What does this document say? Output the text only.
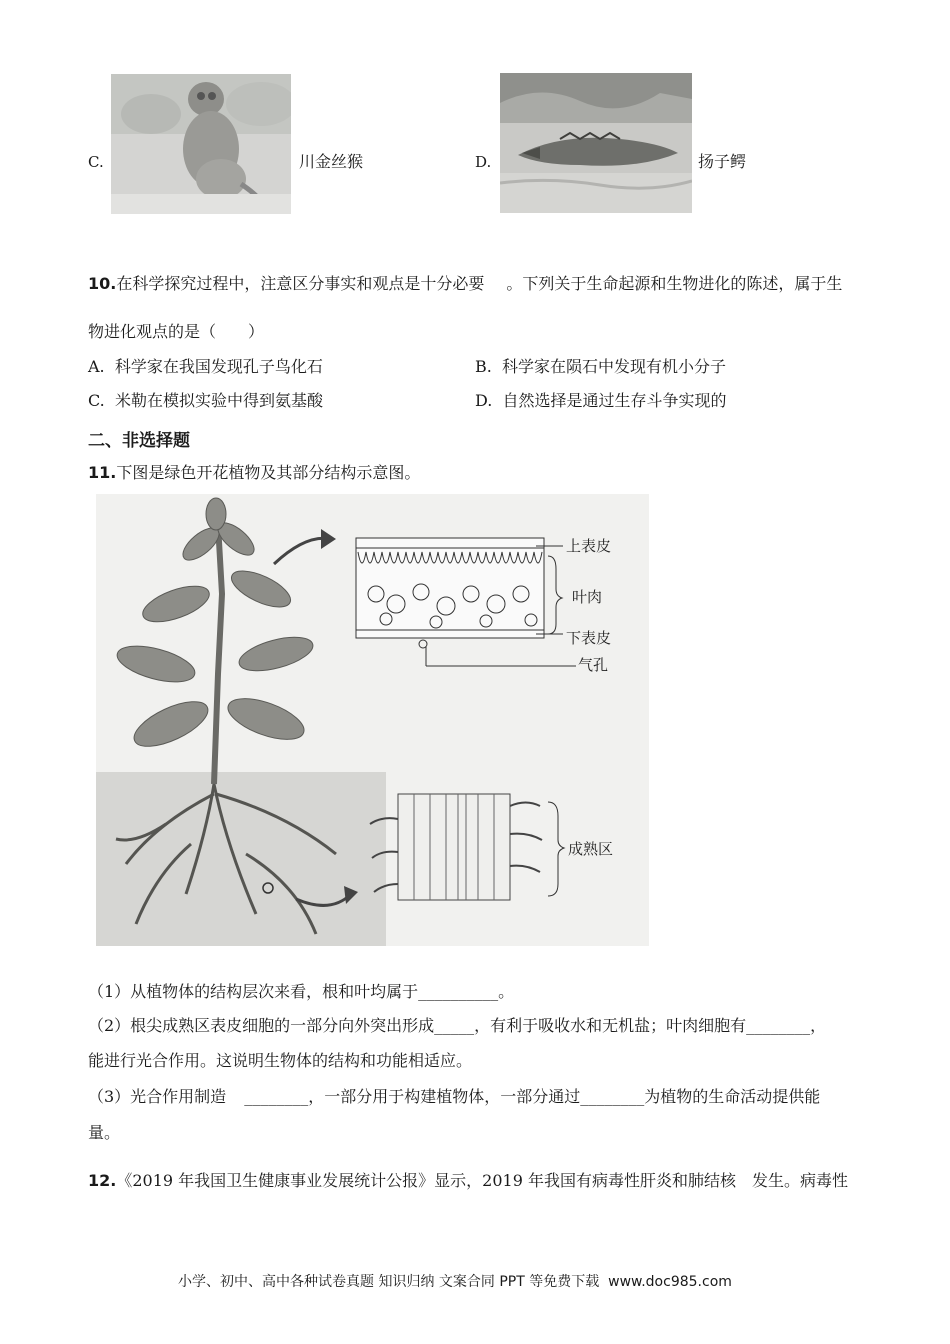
C.	川金丝猴	D.	扬子鳄
10.在科学探究过程中，注意区分事实和观点是十分必要 。下列关于生命起源和生物进化的陈述，属于生
物进化观点的是（　　）
A. 科学家在我国发现孔子鸟化石	B. 科学家在陨石中发现有机小分子
C. 米勒在模拟实验中得到氨基酸	D. 自然选择是通过生存斗争实现的
二、非选择题
11.下图是绿色开花植物及其部分结构示意图。
上表皮
叶肉
下表皮
气孔
成熟区
（1）从植物体的结构层次来看，根和叶均属于__________。
（2）根尖成熟区表皮细胞的一部分向外突出形成_____，有利于吸收水和无机盐；叶肉细胞有________，
能进行光合作用。这说明生物体的结构和功能相适应。
（3）光合作用制造 ________，一部分用于构建植物体，一部分通过________为植物的生命活动提供能
量。
12.《2019 年我国卫生健康事业发展统计公报》显示，2019 年我国有病毒性肝炎和肺结核 发生。病毒性
小学、初中、高中各种试卷真题 知识归纳 文案合同 PPT 等免费下载 www.doc985.com
